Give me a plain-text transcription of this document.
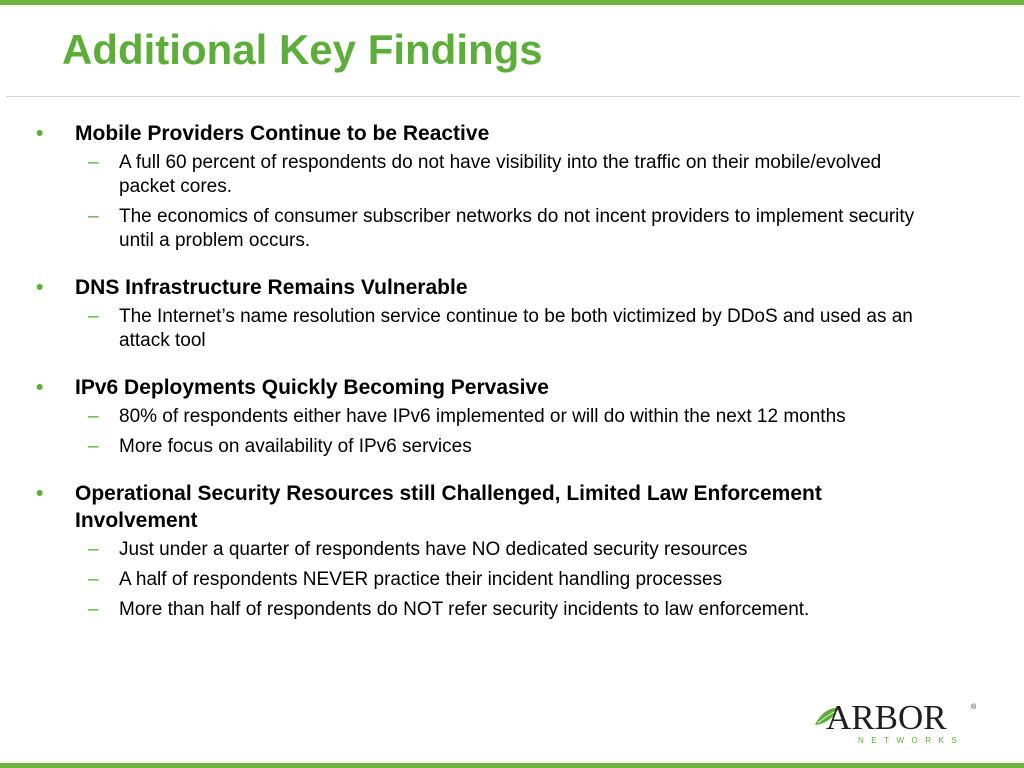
Additional Key Findings
• Mobile Providers Continue to be Reactive
– A full 60 percent of respondents do not have visibility into the traffic on their mobile/evolved packet cores.
– The economics of consumer subscriber networks do not incent providers to implement security until a problem occurs.
• DNS Infrastructure Remains Vulnerable
– The Internet’s name resolution service continue to be both victimized by DDoS and used as an attack tool
• IPv6 Deployments Quickly Becoming Pervasive
– 80% of respondents either have IPv6 implemented or will do within the next 12 months
– More focus on availability of IPv6 services
• Operational Security Resources still Challenged, Limited Law Enforcement Involvement
– Just under a quarter of respondents have NO dedicated security resources
– A half of respondents NEVER practice their incident handling processes
– More than half of respondents do NOT refer security incidents to law enforcement.
ARBOR	®
NETWORKS
